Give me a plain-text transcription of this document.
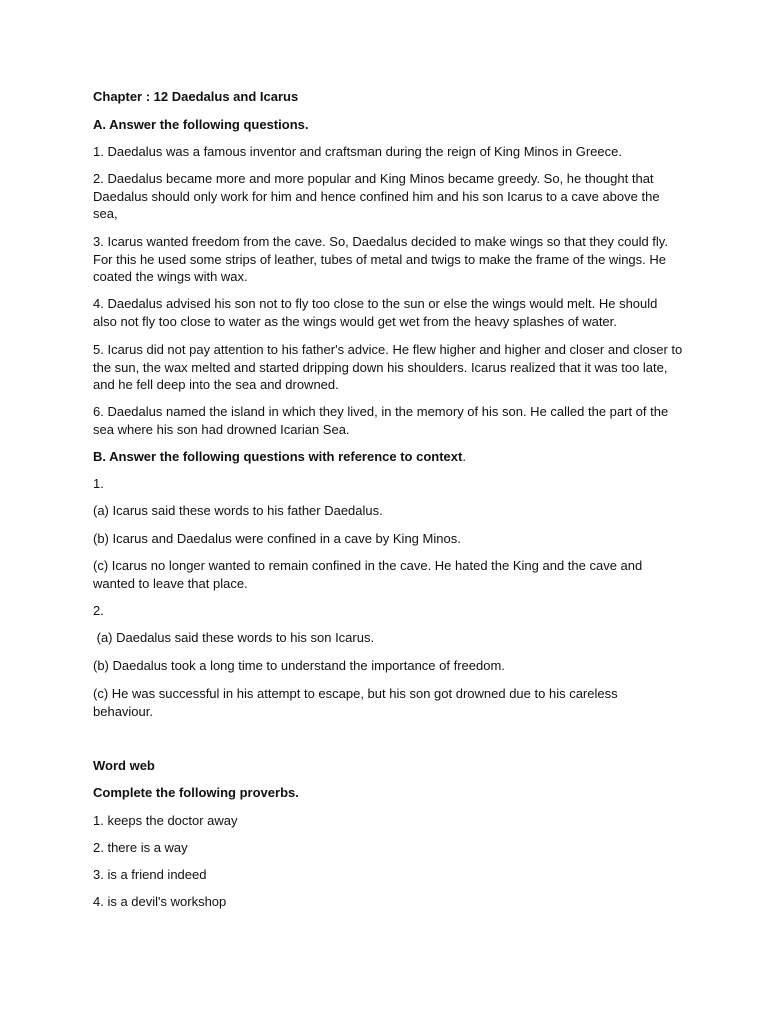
Chapter : 12 Daedalus and Icarus

A. Answer the following questions.

1. Daedalus was a famous inventor and craftsman during the reign of King Minos in Greece.

2. Daedalus became more and more popular and King Minos became greedy. So, he thought that Daedalus should only work for him and hence confined him and his son Icarus to a cave above the sea,

3. Icarus wanted freedom from the cave. So, Daedalus decided to make wings so that they could fly. For this he used some strips of leather, tubes of metal and twigs to make the frame of the wings. He coated the wings with wax.

4. Daedalus advised his son not to fly too close to the sun or else the wings would melt. He should also not fly too close to water as the wings would get wet from the heavy splashes of water.

5. Icarus did not pay attention to his father's advice. He flew higher and higher and closer and closer to the sun, the wax melted and started dripping down his shoulders. Icarus realized that it was too late, and he fell deep into the sea and drowned.

6. Daedalus named the island in which they lived, in the memory of his son. He called the part of the sea where his son had drowned Icarian Sea.

B. Answer the following questions with reference to context.

1.

(a) Icarus said these words to his father Daedalus.

(b) Icarus and Daedalus were confined in a cave by King Minos.

(c) Icarus no longer wanted to remain confined in the cave. He hated the King and the cave and wanted to leave that place.

2.

(a) Daedalus said these words to his son Icarus.

(b) Daedalus took a long time to understand the importance of freedom.

(c) He was successful in his attempt to escape, but his son got drowned due to his careless behaviour.

Word web

Complete the following proverbs.

1. keeps the doctor away

2. there is a way

3. is a friend indeed

4. is a devil's workshop
